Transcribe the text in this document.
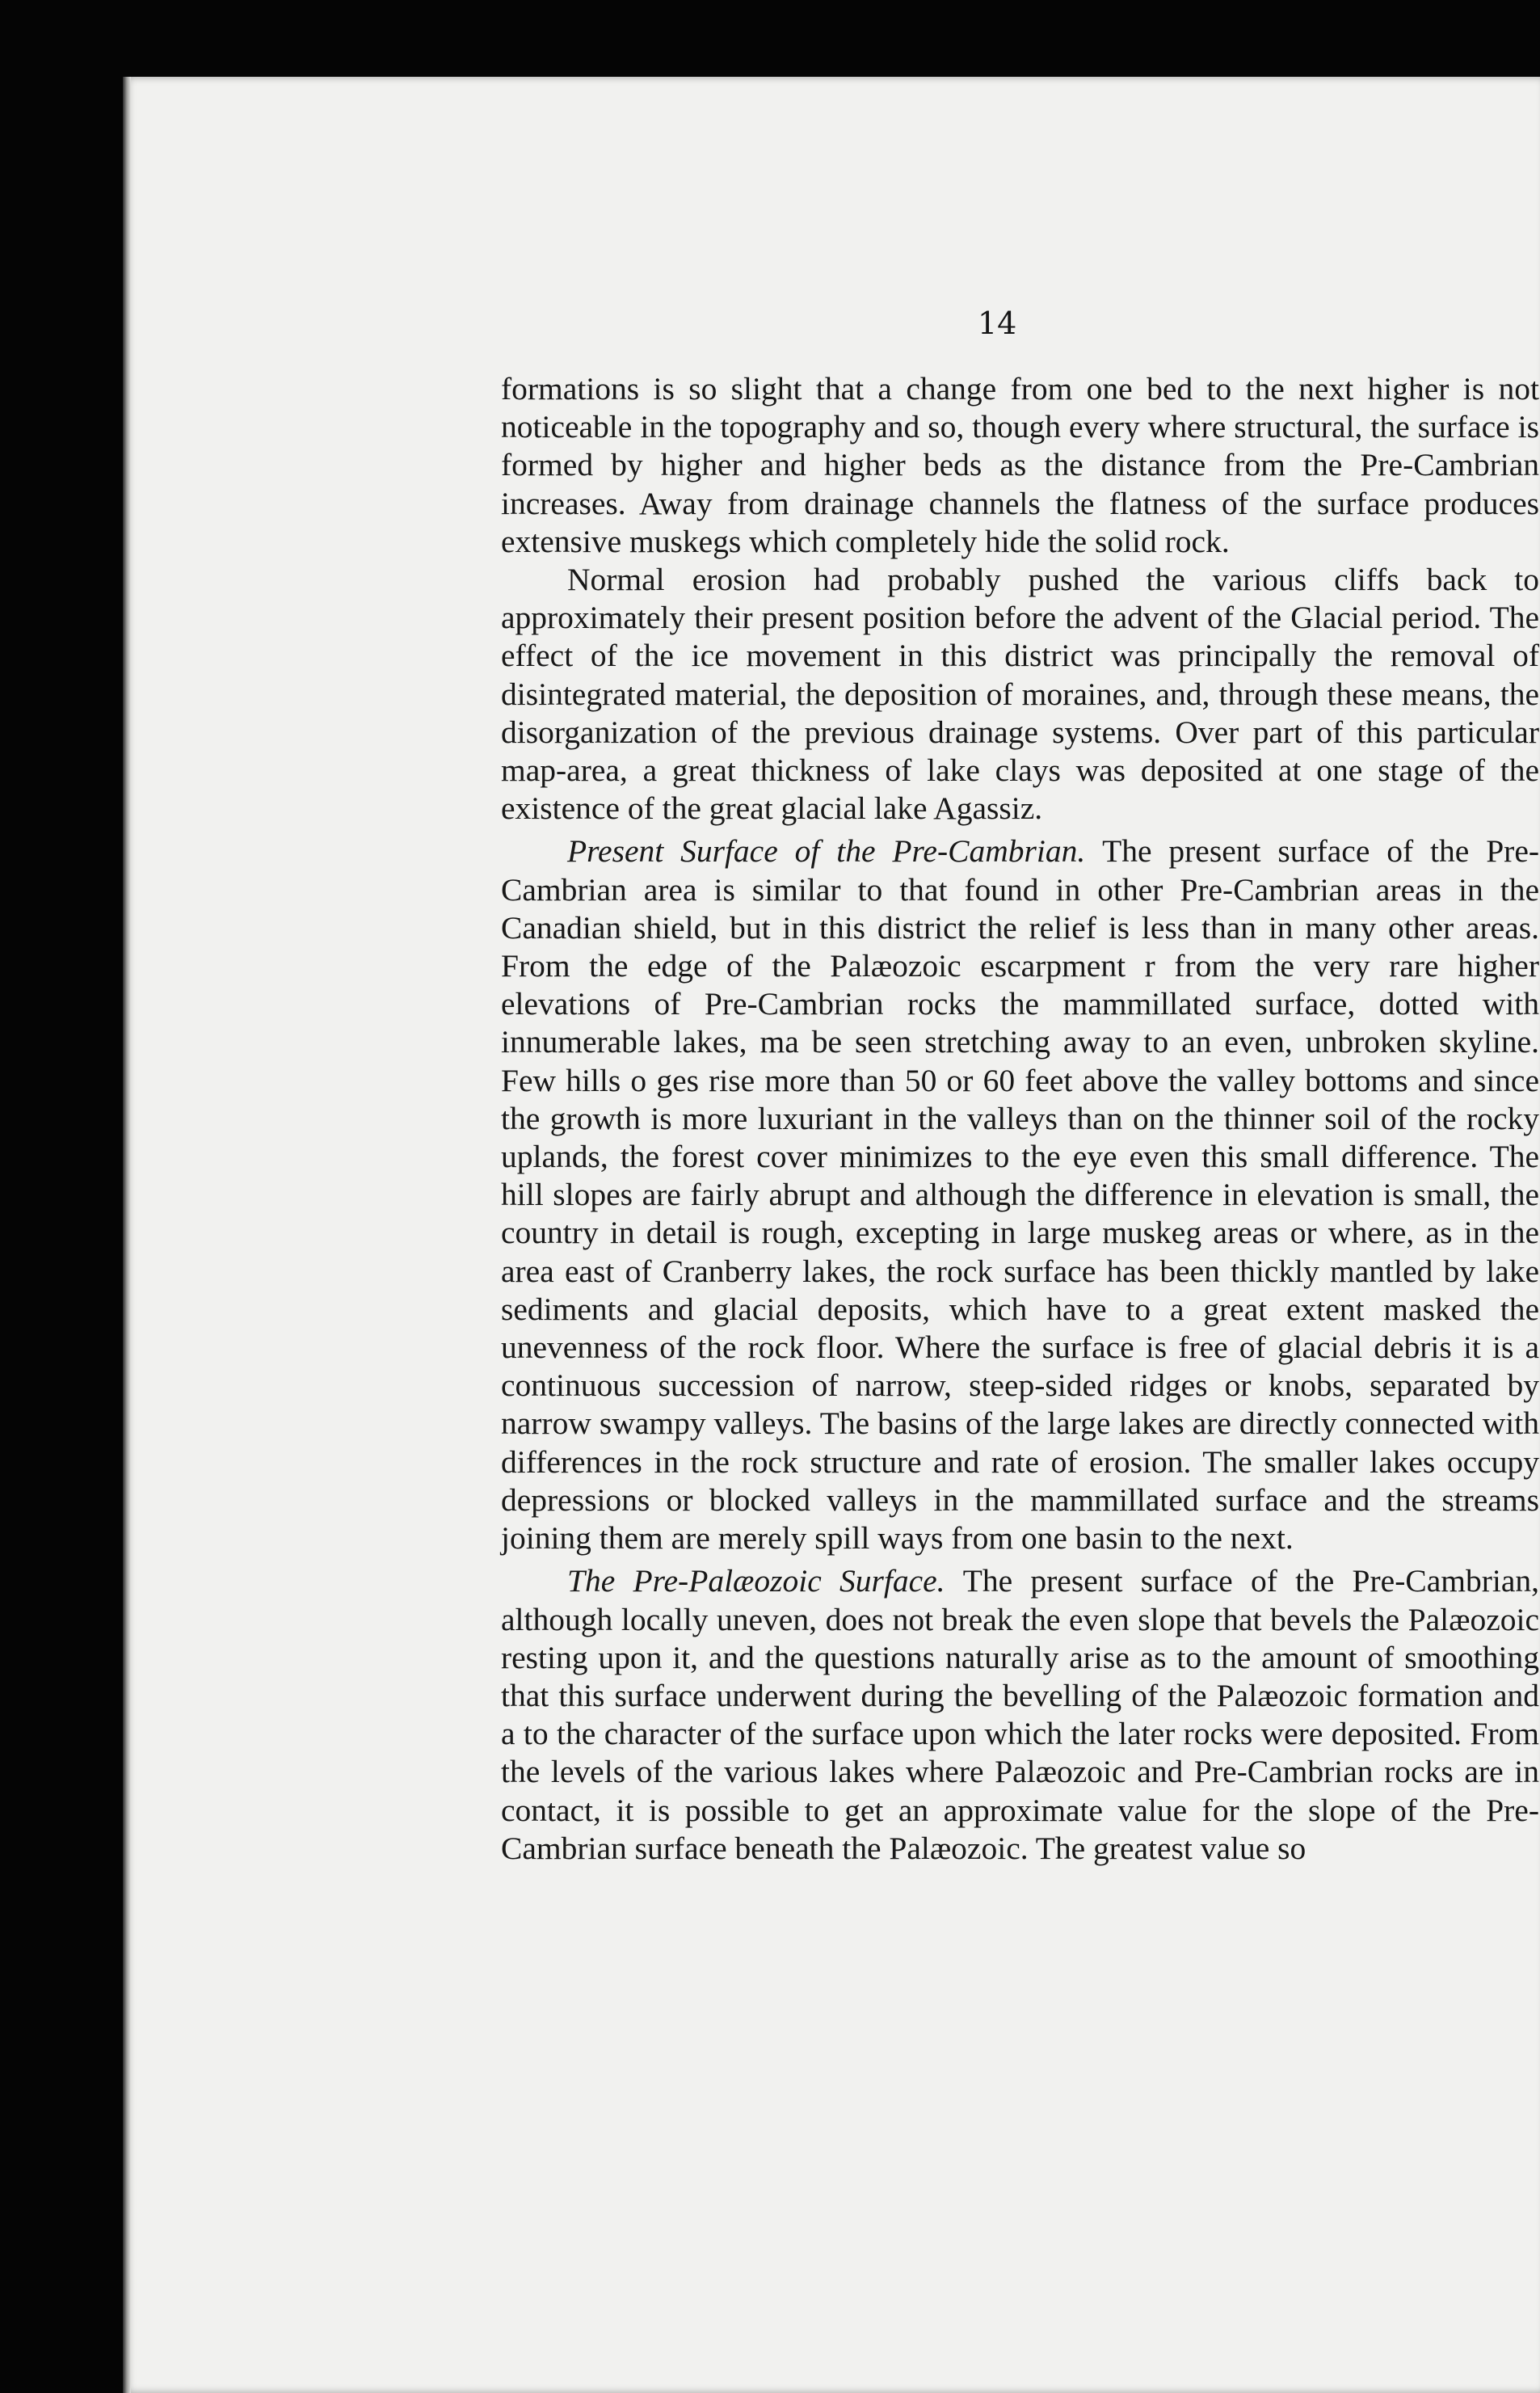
14

formations is so slight that a change from one bed to the next higher is not noticeable in the topography and so, though every where structural, the surface is formed by higher and higher beds as the distance from the Pre-Cambrian increases. Away from drainage channels the flatness of the surface produces extensive muskegs which completely hide the solid rock.

Normal erosion had probably pushed the various cliffs back to approximately their present position before the advent of the Glacial period. The effect of the ice movement in this district was principally the removal of disintegrated material, the deposition of moraines, and, through these means, the disorganization of the previous drainage systems. Over part of this particular map-area, a great thickness of lake clays was deposited at one stage of the existence of the great glacial lake Agassiz.

Present Surface of the Pre-Cambrian. The present surface of the Pre-Cambrian area is similar to that found in other Pre-Cambrian areas in the Canadian shield, but in this district the relief is less than in many other areas. From the edge of the Palæozoic escarpment r from the very rare higher elevations of Pre-Cambrian rocks the mammillated surface, dotted with innumerable lakes, ma be seen stretching away to an even, unbroken skyline. Few hills o ges rise more than 50 or 60 feet above the valley bottoms and since the growth is more luxuriant in the valleys than on the thinner soil of the rocky uplands, the forest cover minimizes to the eye even this small difference. The hill slopes are fairly abrupt and although the difference in elevation is small, the country in detail is rough, excepting in large muskeg areas or where, as in the area east of Cranberry lakes, the rock surface has been thickly mantled by lake sediments and glacial deposits, which have to a great extent masked the unevenness of the rock floor. Where the surface is free of glacial debris it is a continuous succession of narrow, steep-sided ridges or knobs, separated by narrow swampy valleys. The basins of the large lakes are directly connected with differences in the rock structure and rate of erosion. The smaller lakes occupy depressions or blocked valleys in the mammillated surface and the streams joining them are merely spill ways from one basin to the next.

The Pre-Palæozoic Surface. The present surface of the Pre-Cambrian, although locally uneven, does not break the even slope that bevels the Palæozoic resting upon it, and the questions naturally arise as to the amount of smoothing that this surface underwent during the bevelling of the Palæozoic formation and a to the character of the surface upon which the later rocks were deposited. From the levels of the various lakes where Palæozoic and Pre-Cambrian rocks are in contact, it is possible to get an approximate value for the slope of the Pre-Cambrian surface beneath the Palæozoic. The greatest value so
